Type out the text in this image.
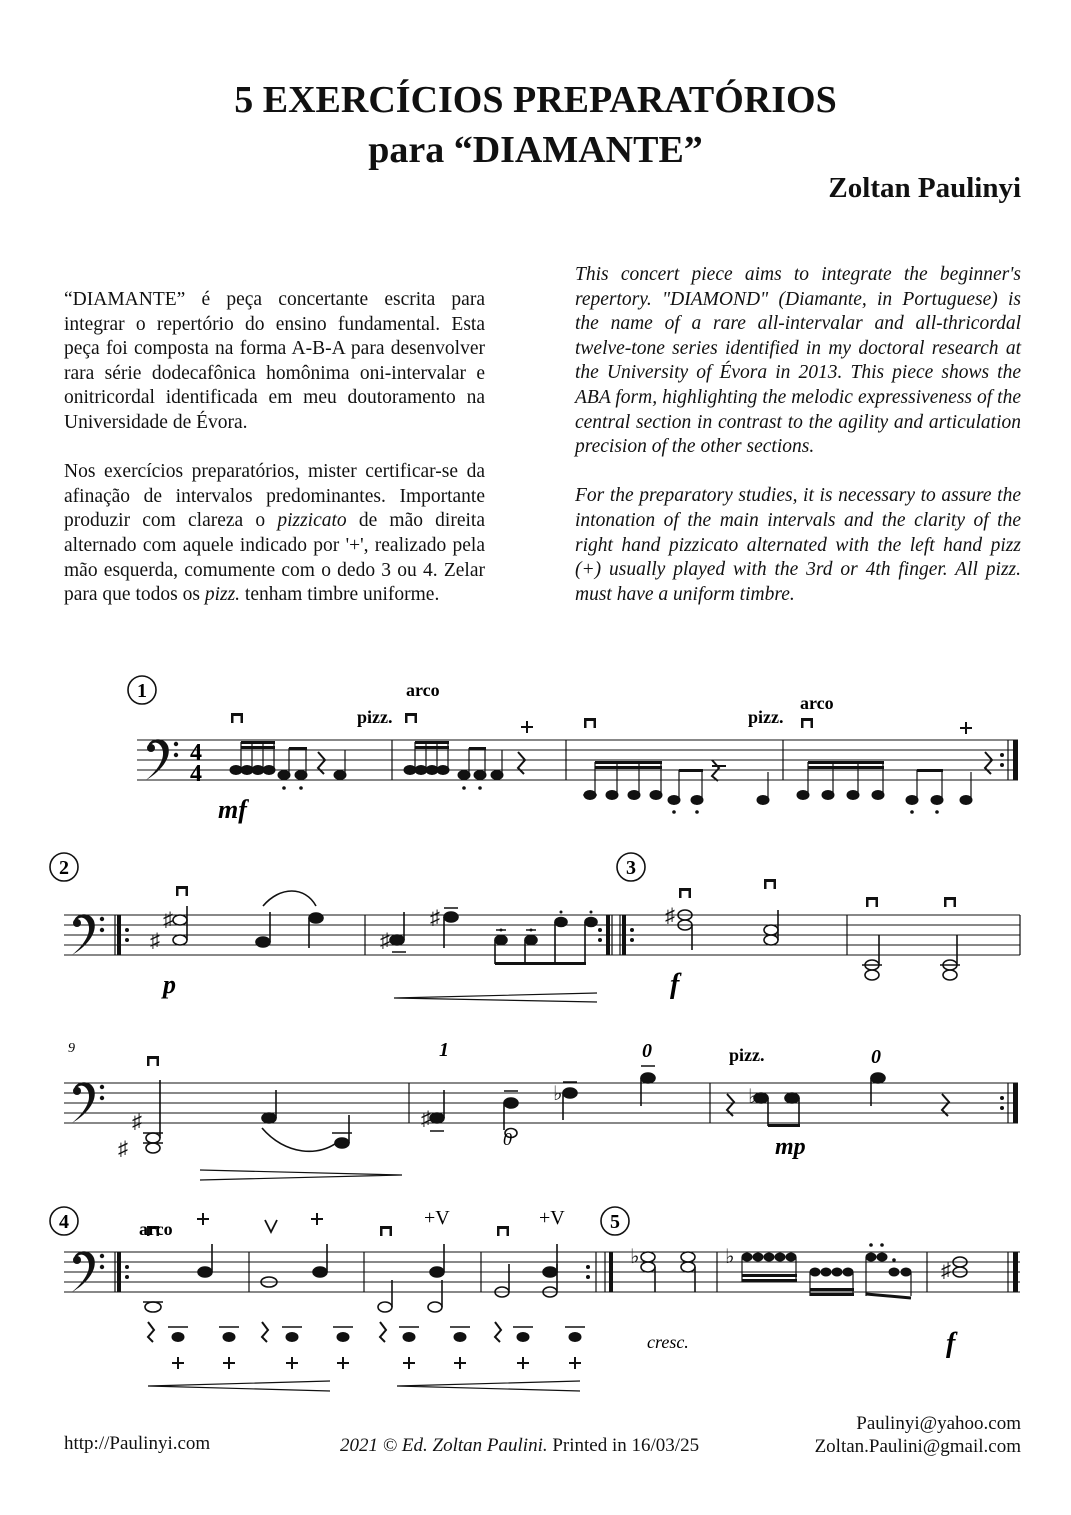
5 EXERCÍCIOS PREPARATÓRIOS
para “DIAMANTE”
Zoltan Paulinyi

“DIAMANTE” é peça concertante escrita para integrar o repertório do ensino fundamental. Esta peça foi composta na forma A-B-A para desenvolver rara série dodecafônica homônima oni-intervalar e onitricordal identificada em meu doutoramento na Universidade de Évora.

Nos exercícios preparatórios, mister certificar-se da afinação de intervalos predominantes. Importante produzir com clareza o pizzicato de mão direita alternado com aquele indicado por '+', realizado pela mão esquerda, comumente com o dedo 3 ou 4. Zelar para que todos os pizz. tenham timbre uniforme.

This concert piece aims to integrate the beginner's repertory. "DIAMOND" (Diamante, in Portuguese) is the name of a rare all-intervalar and all-thricordal twelve-tone series identified in my doctoral research at the University of Évora in 2013. This piece shows the ABA form, highlighting the melodic expressiveness of the central section in contrast to the agility and articulation precision of the other sections.

For the preparatory studies, it is necessary to assure the intonation of the main intervals and the clarity of the right hand pizzicato alternated with the left hand pizz (+) usually played with the 3rd or 4th finger. All pizz. must have a uniform timbre.

1
4
4
pizz.
arco
pizz.
arco
mf
2	3
♯
♯	♯
♯
p
♯
f
9
♯
♯
♯
♭	♭
1	0	0
0
pizz.
mp
4	5
+V	+V
arco
♭	♭
♯
cresc.	f
http://Paulinyi.com	2021 © Ed. Zoltan Paulini. Printed in 16/03/25
Paulinyi@yahoo.com
Zoltan.Paulini@gmail.com
